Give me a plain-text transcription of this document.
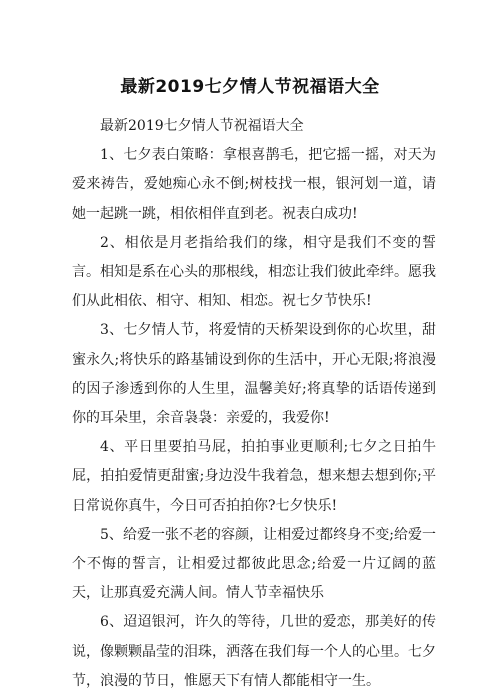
最新2019七夕情人节祝福语大全

最新2019七夕情人节祝福语大全

1、七夕表白策略：拿根喜鹊毛，把它摇一摇，对天为爱来祷告，爱她痴心永不倒;树枝找一根，银河划一道，请她一起跳一跳，相依相伴直到老。祝表白成功!

2、相依是月老指给我们的缘，相守是我们不变的誓言。相知是系在心头的那根线，相恋让我们彼此牵绊。愿我们从此相依、相守、相知、相恋。祝七夕节快乐!

3、七夕情人节，将爱情的天桥架设到你的心坎里，甜蜜永久;将快乐的路基铺设到你的生活中，开心无限;将浪漫的因子渗透到你的人生里，温馨美好;将真挚的话语传递到你的耳朵里，余音袅袅：亲爱的，我爱你!

4、平日里要拍马屁，拍拍事业更顺利;七夕之日拍牛屁，拍拍爱情更甜蜜;身边没牛我着急，想来想去想到你;平日常说你真牛，今日可否拍拍你?七夕快乐!

5、给爱一张不老的容颜，让相爱过都终身不变;给爱一个不悔的誓言，让相爱过都彼此思念;给爱一片辽阔的蓝天，让那真爱充满人间。情人节幸福快乐

6、迢迢银河，许久的等待，几世的爱恋，那美好的传说，像颗颗晶莹的泪珠，洒落在我们每一个人的心里。七夕节，浪漫的节日，惟愿天下有情人都能相守一生。
